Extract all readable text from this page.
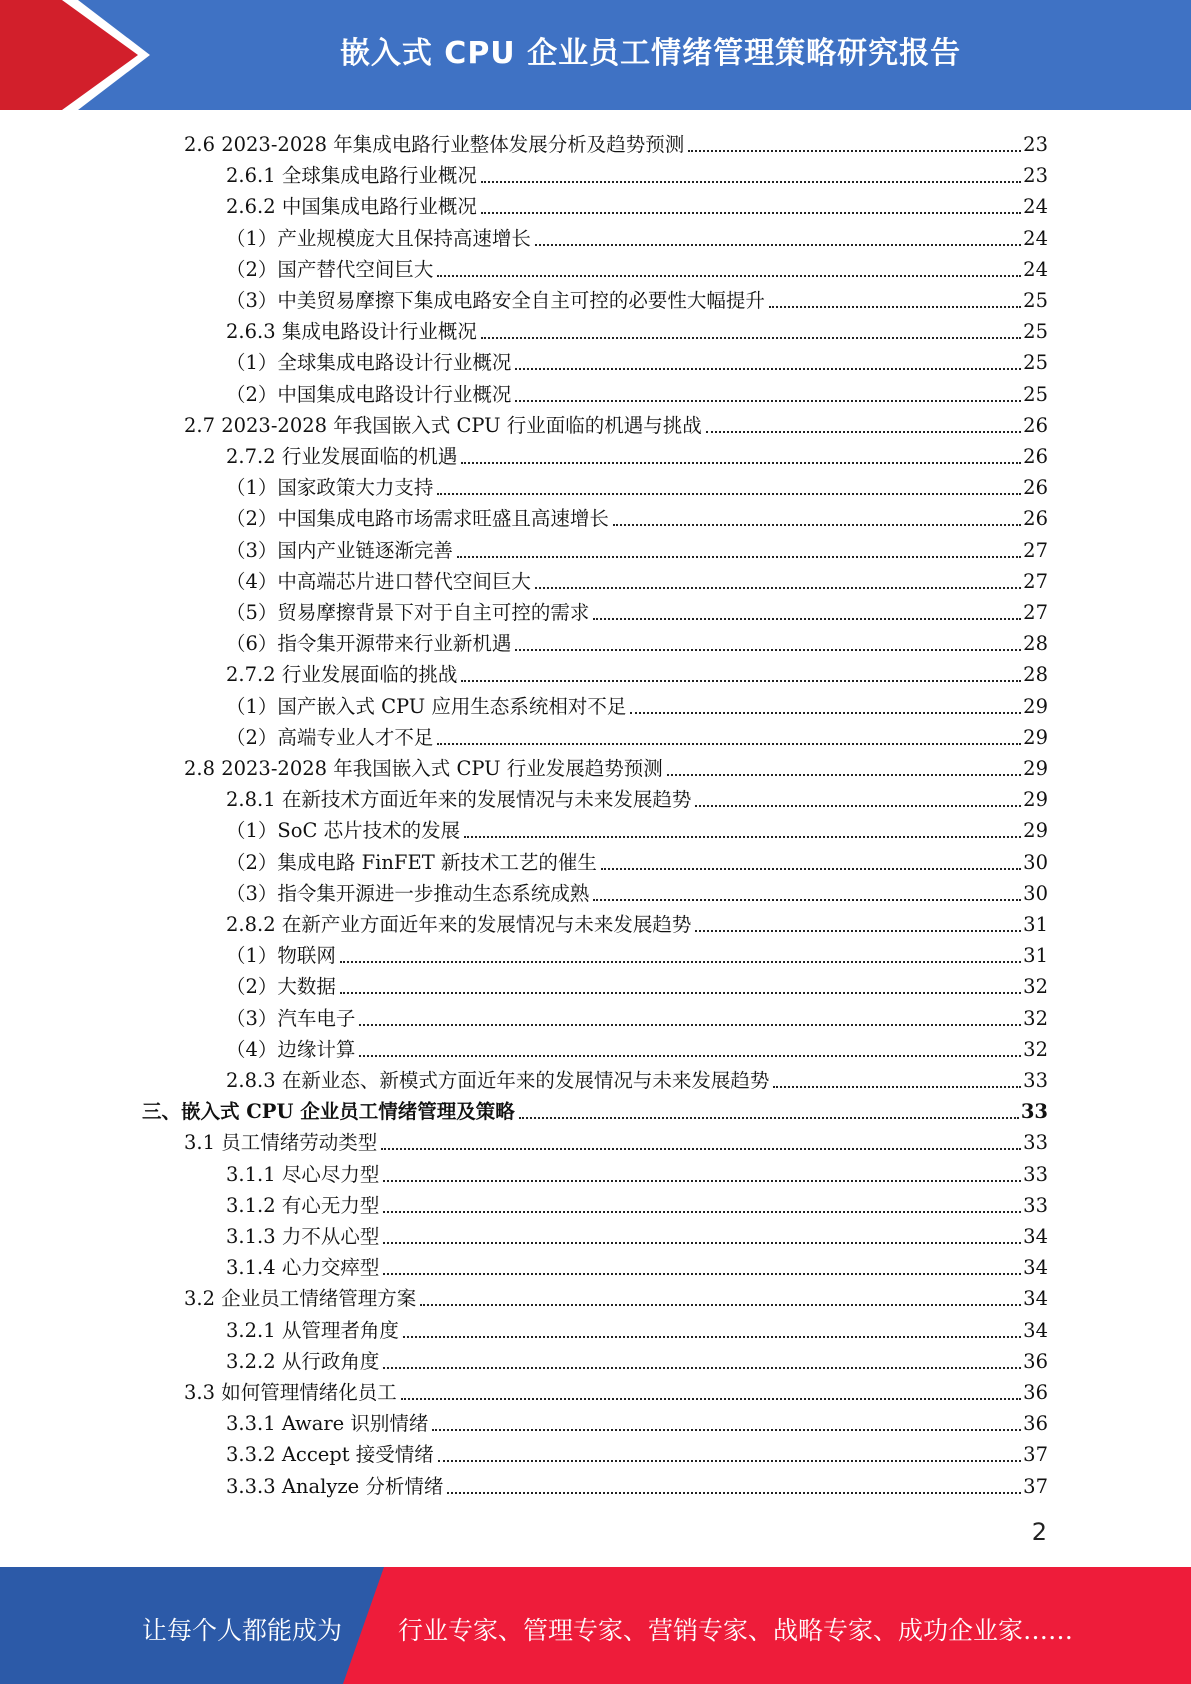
嵌入式 CPU 企业员工情绪管理策略研究报告
2.6 2023-2028 年集成电路行业整体发展分析及趋势预测	23
2.6.1 全球集成电路行业概况	23
2.6.2 中国集成电路行业概况	24
（1）产业规模庞大且保持高速增长	24
（2）国产替代空间巨大	24
（3）中美贸易摩擦下集成电路安全自主可控的必要性大幅提升	25
2.6.3 集成电路设计行业概况	25
（1）全球集成电路设计行业概况	25
（2）中国集成电路设计行业概况	25
2.7 2023-2028 年我国嵌入式 CPU 行业面临的机遇与挑战	26
2.7.2 行业发展面临的机遇	26
（1）国家政策大力支持	26
（2）中国集成电路市场需求旺盛且高速增长	26
（3）国内产业链逐渐完善	27
（4）中高端芯片进口替代空间巨大	27
（5）贸易摩擦背景下对于自主可控的需求	27
（6）指令集开源带来行业新机遇	28
2.7.2 行业发展面临的挑战	28
（1）国产嵌入式 CPU 应用生态系统相对不足	29
（2）高端专业人才不足	29
2.8 2023-2028 年我国嵌入式 CPU 行业发展趋势预测	29
2.8.1 在新技术方面近年来的发展情况与未来发展趋势	29
（1）SoC 芯片技术的发展	29
（2）集成电路 FinFET 新技术工艺的催生	30
（3）指令集开源进一步推动生态系统成熟	30
2.8.2 在新产业方面近年来的发展情况与未来发展趋势	31
（1）物联网	31
（2）大数据	32
（3）汽车电子	32
（4）边缘计算	32
2.8.3 在新业态、新模式方面近年来的发展情况与未来发展趋势	33
三、嵌入式 CPU 企业员工情绪管理及策略	33
3.1 员工情绪劳动类型	33
3.1.1 尽心尽力型	33
3.1.2 有心无力型	33
3.1.3 力不从心型	34
3.1.4 心力交瘁型	34
3.2 企业员工情绪管理方案	34
3.2.1 从管理者角度	34
3.2.2 从行政角度	36
3.3 如何管理情绪化员工	36
3.3.1 Aware 识别情绪	36
3.3.2 Accept 接受情绪	37
3.3.3 Analyze 分析情绪	37
2
让每个人都能成为 行业专家、管理专家、营销专家、战略专家、成功企业家……
